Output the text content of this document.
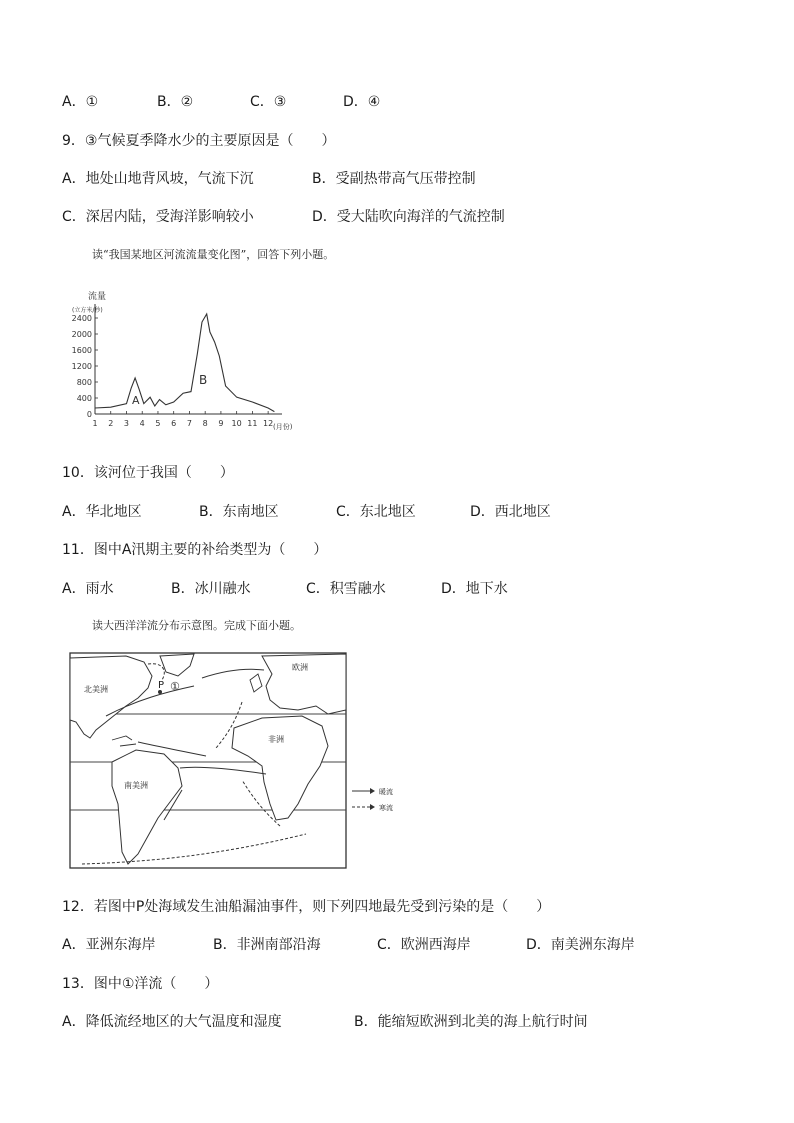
A．①	B．②	C．③	D．④
9．③气候夏季降水少的主要原因是（　　）
A．地处山地背风坡，气流下沉	B．受副热带高气压带控制
C．深居内陆，受海洋影响较小	D．受大陆吹向海洋的气流控制
读“我国某地区河流流量变化图”，回答下列小题。
流量
(立方米/秒)
(月份)
2400
2000
1600
1200
800
400
0
1 2 3 4 5 6 7 8 9 10 11 12
A
B
10．该河位于我国（　　）
A．华北地区	B．东南地区	C．东北地区	D．西北地区
11．图中A汛期主要的补给类型为（　　）
A．雨水	B．冰川融水	C．积雪融水	D．地下水
读大西洋洋流分布示意图。完成下面小题。
P ①
北美洲
欧洲
非洲
南美洲
暖流
寒流
12．若图中P处海域发生油船漏油事件，则下列四地最先受到污染的是（　　）
A．亚洲东海岸	B．非洲南部沿海	C．欧洲西海岸	D．南美洲东海岸
13．图中①洋流（　　）
A．降低流经地区的大气温度和湿度	B．能缩短欧洲到北美的海上航行时间
